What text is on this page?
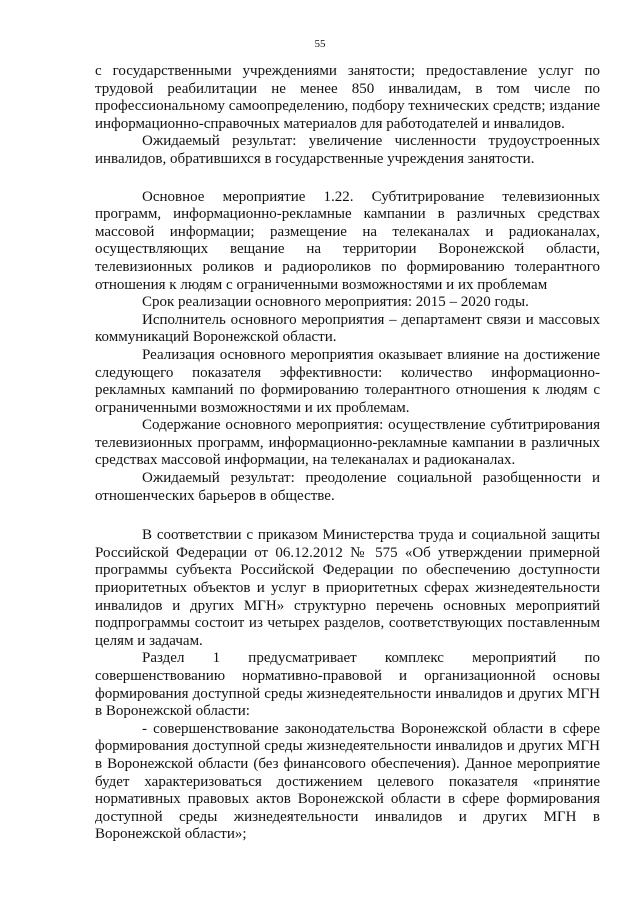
55

с государственными учреждениями занятости; предоставление услуг по трудовой реабилитации не менее 850 инвалидам, в том числе по профессиональному самоопределению, подбору технических средств; издание информационно-справочных материалов для работодателей и инвалидов.

Ожидаемый результат: увеличение численности трудоустроенных инвалидов, обратившихся в государственные учреждения занятости.

Основное мероприятие 1.22. Субтитрирование телевизионных программ, информационно-рекламные кампании в различных средствах массовой информации; размещение на телеканалах и радиоканалах, осуществляющих вещание на территории Воронежской области, телевизионных роликов и радиороликов по формированию толерантного отношения к людям с ограниченными возможностями и их проблемам

Срок реализации основного мероприятия: 2015 – 2020 годы.

Исполнитель основного мероприятия – департамент связи и массовых коммуникаций Воронежской области.

Реализация основного мероприятия оказывает влияние на достижение следующего показателя эффективности: количество информационно-рекламных кампаний по формированию толерантного отношения к людям с ограниченными возможностями и их проблемам.

Содержание основного мероприятия: осуществление субтитрирования телевизионных программ, информационно-рекламные кампании в различных средствах массовой информации, на телеканалах и радиоканалах.

Ожидаемый результат: преодоление социальной разобщенности и отношенческих барьеров в обществе.

В соответствии с приказом Министерства труда и социальной защиты Российской Федерации от 06.12.2012 № 575 «Об утверждении примерной программы субъекта Российской Федерации по обеспечению доступности приоритетных объектов и услуг в приоритетных сферах жизнедеятельности инвалидов и других МГН» структурно перечень основных мероприятий подпрограммы состоит из четырех разделов, соответствующих поставленным целям и задачам.

Раздел 1 предусматривает комплекс мероприятий по совершенствованию нормативно-правовой и организационной основы формирования доступной среды жизнедеятельности инвалидов и других МГН в Воронежской области:

- совершенствование законодательства Воронежской области в сфере формирования доступной среды жизнедеятельности инвалидов и других МГН в Воронежской области (без финансового обеспечения). Данное мероприятие будет характеризоваться достижением целевого показателя «принятие нормативных правовых актов Воронежской области в сфере формирования доступной среды жизнедеятельности инвалидов и других МГН в Воронежской области»;
